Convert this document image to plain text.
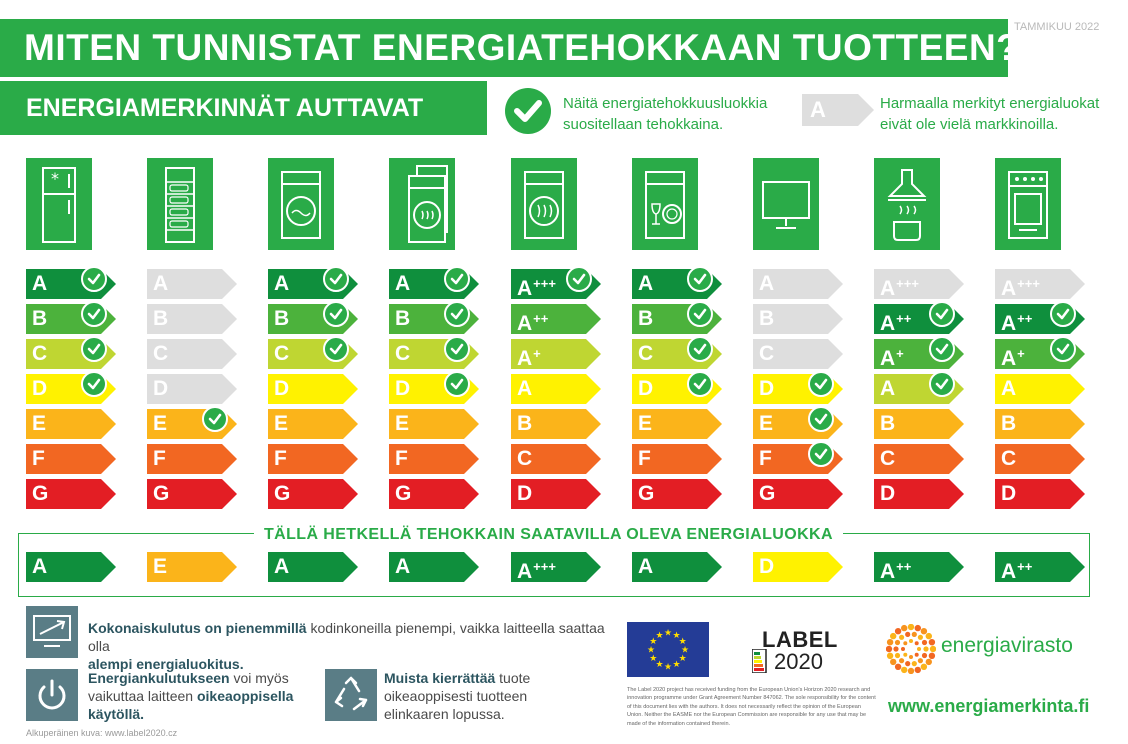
MITEN TUNNISTAT ENERGIATEHOKKAAN TUOTTEEN?
TAMMIKUU 2022
ENERGIAMERKINNÄT AUTTAVAT	Näitä energiatehokkuusluokkia
suositellaan tehokkaina.
A	Harmaalla merkityt energialuokat
eivät ole vielä markkinoilla.
*
A
B
C
D
E
F
G
A
B
C
D
E
F
G
A
B
C
D
E
F
G
A
B
C
D
E
F
G
A+++
A++
A+
A
B
C
D
A
B
C
D
E
F
G
A
B
C
D
E
F
G
A+++
A++
A+
A
B
C
D
A+++
A++
A+
A
B
C
D
TÄLLÄ HETKELLÄ TEHOKKAIN SAATAVILLA OLEVA ENERGIALUOKKA
A	E	A	A	A+++	A	D	A++	A++
Kokonaiskulutus on pienemmillä kodinkoneilla pienempi, vaikka laitteella saattaa olla
alempi energialuokitus.
Energiankulutukseen voi myös
vaikuttaa laitteen oikeaoppisella
käytöllä.
Muista kierrättää tuote
oikeaoppisesti tuotteen
elinkaaren lopussa.
Alkuperäinen kuva: www.label2020.cz
★
★
★
★
★
★
★
★
★ ★ ★
★
The Label 2020 project has received funding from the European Union's Horizon 2020 research and innovation programme under Grant Agreement Number 847062. The sole responsibility for the content of this document lies with the authors. It does not necessarily reflect the opinion of the European Union. Neither the EASME nor the European Commission are responsible for any use that may be made of the information contained therein.
LABEL
2020
energiavirasto
www.energiamerkinta.fi
